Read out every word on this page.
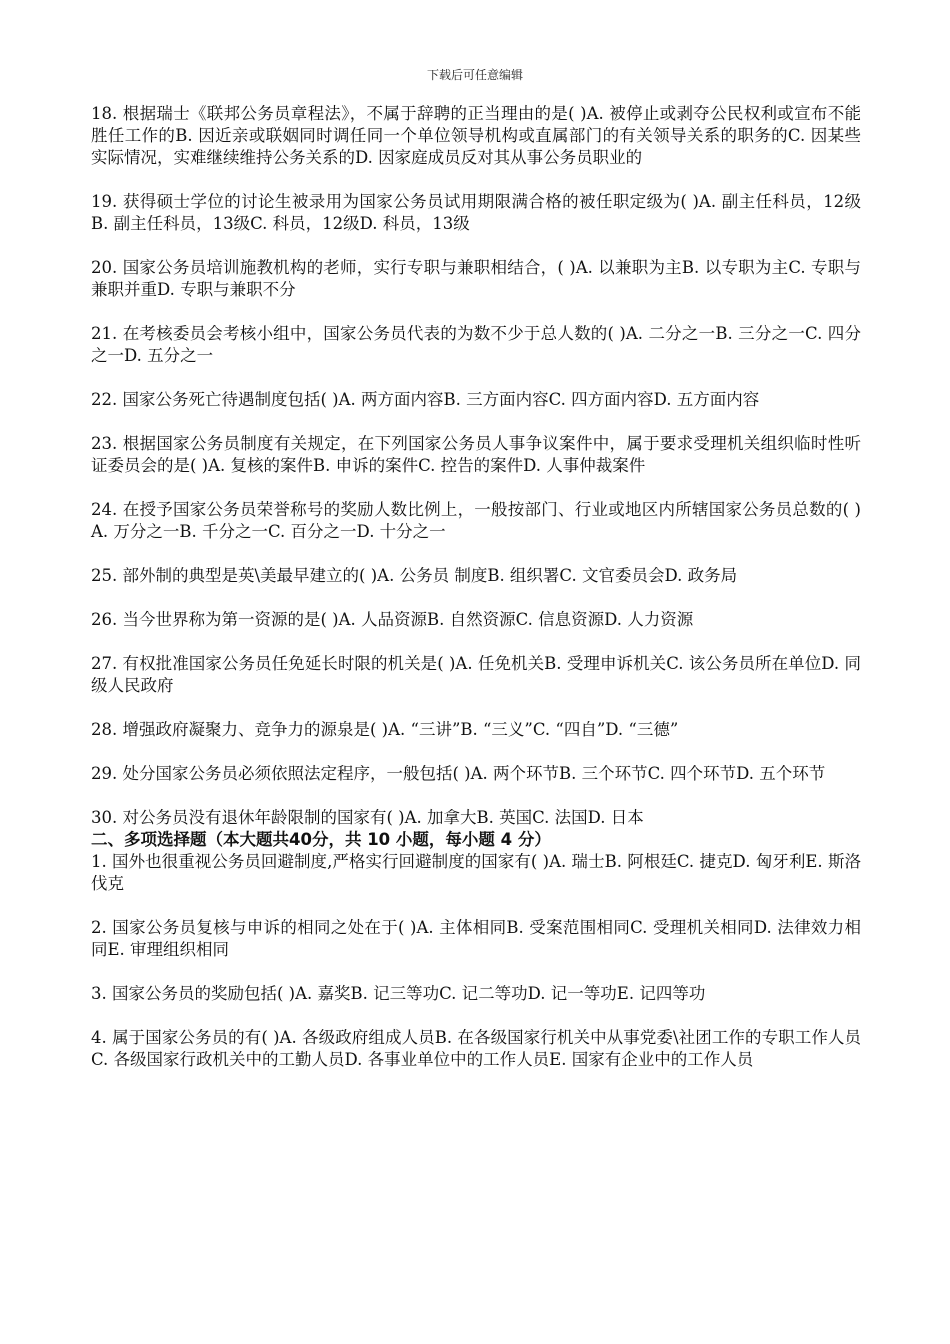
下载后可任意编辑

18. 根据瑞士《联邦公务员章程法》，不属于辞聘的正当理由的是( )A. 被停止或剥夺公民权利或宣布不能胜任工作的B. 因近亲或联姻同时调任同一个单位领导机构或直属部门的有关领导关系的职务的C. 因某些实际情况，实难继续维持公务关系的D. 因家庭成员反对其从事公务员职业的

19. 获得硕士学位的讨论生被录用为国家公务员试用期限满合格的被任职定级为( )A. 副主任科员，12级B. 副主任科员，13级C. 科员，12级D. 科员，13级

20. 国家公务员培训施教机构的老师，实行专职与兼职相结合，( )A. 以兼职为主B. 以专职为主C. 专职与兼职并重D. 专职与兼职不分

21. 在考核委员会考核小组中，国家公务员代表的为数不少于总人数的( )A. 二分之一B. 三分之一C. 四分之一D. 五分之一

22. 国家公务死亡待遇制度包括( )A. 两方面内容B. 三方面内容C. 四方面内容D. 五方面内容

23. 根据国家公务员制度有关规定，在下列国家公务员人事争议案件中，属于要求受理机关组织临时性听证委员会的是( )A. 复核的案件B. 申诉的案件C. 控告的案件D. 人事仲裁案件

24. 在授予国家公务员荣誉称号的奖励人数比例上，一般按部门、行业或地区内所辖国家公务员总数的( )A. 万分之一B. 千分之一C. 百分之一D. 十分之一

25. 部外制的典型是英\美最早建立的( )A. 公务员 制度B. 组织署C. 文官委员会D. 政务局

26. 当今世界称为第一资源的是( )A. 人品资源B. 自然资源C. 信息资源D. 人力资源

27. 有权批准国家公务员任免延长时限的机关是( )A. 任免机关B. 受理申诉机关C. 该公务员所在单位D. 同级人民政府

28. 增强政府凝聚力、竞争力的源泉是( )A. “三讲”B. “三义”C. “四自”D. “三德”

29. 处分国家公务员必须依照法定程序，一般包括( )A. 两个环节B. 三个环节C. 四个环节D. 五个环节

30. 对公务员没有退休年龄限制的国家有( )A. 加拿大B. 英国C. 法国D. 日本

二、多项选择题（本大题共40分，共 10 小题，每小题 4 分）

1. 国外也很重视公务员回避制度,严格实行回避制度的国家有( )A. 瑞士B. 阿根廷C. 捷克D. 匈牙利E. 斯洛伐克

2. 国家公务员复核与申诉的相同之处在于( )A. 主体相同B. 受案范围相同C. 受理机关相同D. 法律效力相同E. 审理组织相同

3. 国家公务员的奖励包括( )A. 嘉奖B. 记三等功C. 记二等功D. 记一等功E. 记四等功

4. 属于国家公务员的有( )A. 各级政府组成人员B. 在各级国家行机关中从事党委\社团工作的专职工作人员C. 各级国家行政机关中的工勤人员D. 各事业单位中的工作人员E. 国家有企业中的工作人员
